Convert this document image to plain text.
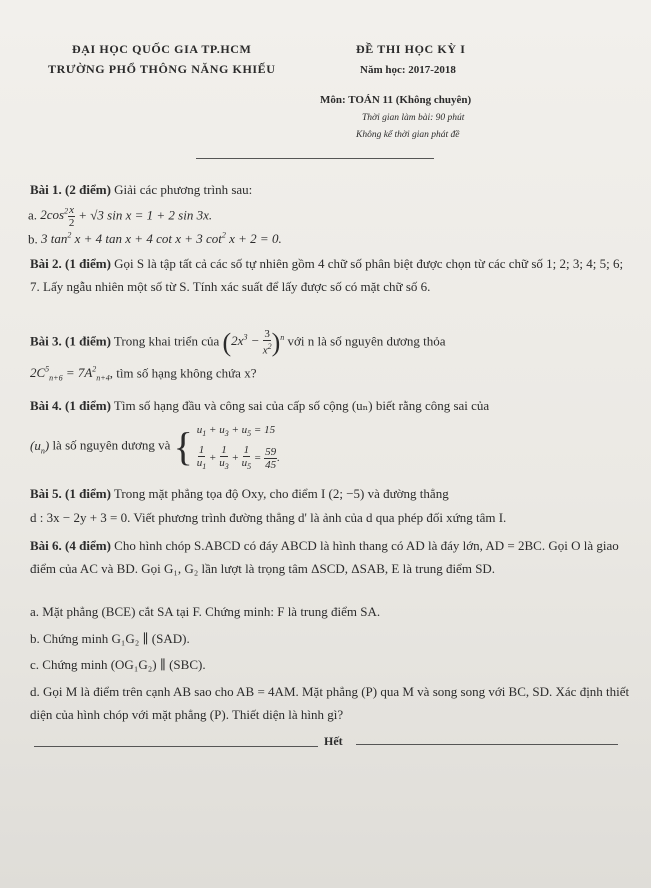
ĐẠI HỌC QUỐC GIA TP.HCM
TRƯỜNG PHỔ THÔNG NĂNG KHIẾU
ĐỀ THI HỌC KỲ I
Năm học: 2017-2018
Môn: TOÁN 11 (Không chuyên)
Thời gian làm bài: 90 phút
Không kể thời gian phát đề
Bài 1. (2 điểm) Giải các phương trình sau:
a. $2\cos^2 \frac{x}{2} + √3$ sin x = 1 + 2 sin 3x.
b. 3 $\tan^2 x + 4$ tan x + 4 cot x + 3 $\cot^2 x + 2 = 0$.
Bài 2. (1 điểm) Gọi S là tập tất cả các số tự nhiên gồm 4 chữ số phân biệt được chọn từ các chữ số 1; 2; 3; 4; 5; 6; 7. Lấy ngẫu nhiên một số từ S. Tính xác suất để lấy được số có mặt chữ số 6.
Bài 3. (1 điểm) Trong khai triển của $(2x^3 - \frac{3}{x^2} )^n$ với n là số nguyên dương thỏa
$2C^5_{n+6} = 7A^2_{n+4}$, tìm số hạng không chứa x?
Bài 4. (1 điểm) Tìm số hạng đầu và công sai của cấp số cộng (uₙ) biết rằng công sai của
$(u_n)$ là số nguyên dương và { $u_1 + u_3 + u_5 = 15$
$\frac{1}{u_1} + \frac{1}{u_3} + \frac{1}{u_5} = \frac{59}{45}$ .
Bài 5. (1 điểm) Trong mặt phẳng tọa độ Oxy, cho điểm I (2; −5) và đường thẳng
d : 3x − 2y + 3 = 0. Viết phương trình đường thẳng d' là ảnh của d qua phép đối xứng tâm I.
Bài 6. (4 điểm) Cho hình chóp S.ABCD có đáy ABCD là hình thang có AD là đáy lớn, AD = 2BC. Gọi O là giao điểm của AC và BD. Gọi G₁, G₂ lần lượt là trọng tâm ΔSCD, ΔSAB, E là trung điểm SD.
a. Mặt phẳng (BCE) cắt SA tại F. Chứng minh: F là trung điểm SA.
b. Chứng minh G₁G₂ ∥ (SAD).
c. Chứng minh (OG₁G₂) ∥ (SBC).
d. Gọi M là điểm trên cạnh AB sao cho AB = 4AM. Mặt phẳng (P) qua M và song song với BC, SD. Xác định thiết diện của hình chóp với mặt phẳng (P). Thiết diện là hình gì?
Hết
